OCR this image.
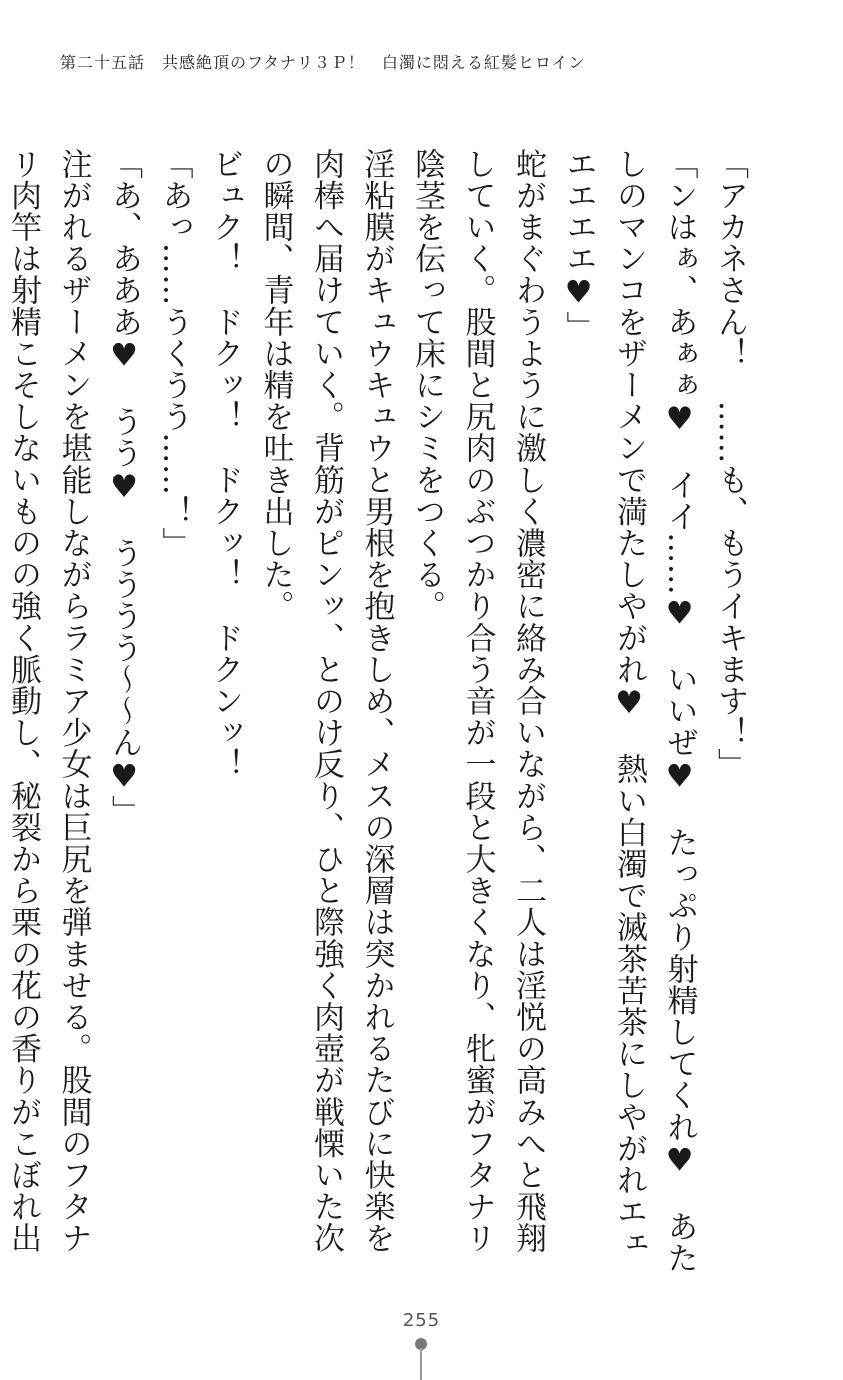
第二十五話　共感絶頂のフタナリ３Ｐ！　白濁に悶える紅髪ヒロイン

「アカネさん！　……も、もうイキます！」

「ンはぁ、あぁぁ♥　イイ……♥　いいぜ♥　たっぷり射精してくれ♥　あたしのマンコをザーメンで満たしやがれ♥　熱い白濁で滅茶苦茶にしやがれエェエエエエ♥」

蛇がまぐわうように激しく濃密に絡み合いながら、二人は淫悦の高みへと飛翔していく。股間と尻肉のぶつかり合う音が一段と大きくなり、牝蜜がフタナリ陰茎を伝って床にシミをつくる。

淫粘膜がキュウキュウと男根を抱きしめ、メスの深層は突かれるたびに快楽を肉棒へ届けていく。背筋がピンッ、とのけ反り、ひと際強く肉壺が戦慄いた次の瞬間、青年は精を吐き出した。

ビュク！　ドクッ！　ドクッ！　ドクンッ！

「あっ……うくうう……！」

「あ、あああ♥　うう♥　うううう～～ん♥」

注がれるザーメンを堪能しながらラミア少女は巨尻を弾ませる。股間のフタナリ肉竿は射精こそしないものの強く脈動し、秘裂から栗の花の香りがこぼれ出

255
